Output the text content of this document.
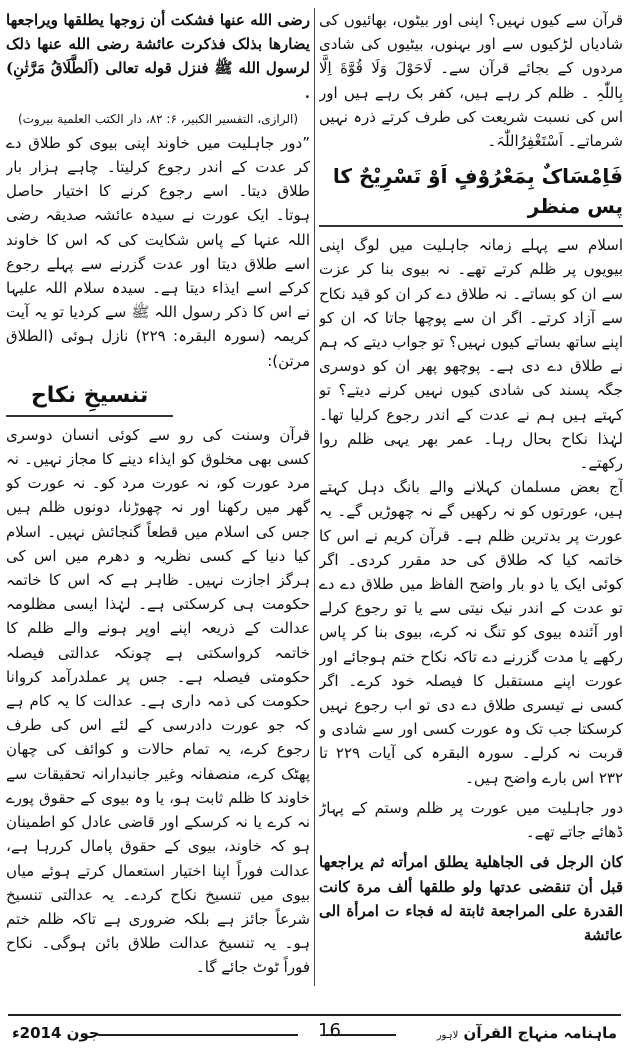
قرآن سے کیوں نہیں؟ اپنی اور بیٹوں، بھائیوں کی شادیاں لڑکیوں سے اور بہنوں، بیٹیوں کی شادی مردوں کے بجائے قرآن سے۔ لَاحَوْلَ وَلَا قُوَّةَ اِلَّا بِاللّٰہِ ۔ ظلم کر رہے ہیں، کفر بک رہے ہیں اور اس کی نسبت شریعت کی طرف کرتے ذرہ نہیں شرماتے۔ اَسْتَغْفِرُاللّٰہَ۔

فَاِمْسَاکٌ بِمَعْرُوْفٍ اَوْ تَسْرِیْحٌ کا پس منظر

اسلام سے پہلے زمانہ جاہلیت میں لوگ اپنی بیویوں پر ظلم کرتے تھے۔ نہ بیوی بنا کر عزت سے ان کو بساتے۔ نہ طلاق دے کر ان کو قید نکاح سے آزاد کرتے۔ اگر ان سے پوچھا جاتا کہ ان کو اپنے ساتھ بساتے کیوں نہیں؟ تو جواب دیتے کہ ہم نے طلاق دے دی ہے۔ پوچھو پھر ان کو دوسری جگہ پسند کی شادی کیوں نہیں کرنے دیتے؟ تو کہتے ہیں ہم نے عدت کے اندر رجوع کرلیا تھا۔ لہٰذا نکاح بحال رہا۔ عمر بھر یہی ظلم روا رکھتے۔

آج بعض مسلمان کہلانے والے بانگ دہل کہتے ہیں، عورتوں کو نہ رکھیں گے نہ چھوڑیں گے۔ یہ عورت پر بدترین ظلم ہے۔ قرآن کریم نے اس کا خاتمہ کیا کہ طلاق کی حد مقرر کردی۔ اگر کوئی ایک یا دو بار واضح الفاظ میں طلاق دے دے تو عدت کے اندر نیک نیتی سے یا تو رجوع کرلے اور آئندہ بیوی کو تنگ نہ کرے، بیوی بنا کر پاس رکھے یا مدت گزرنے دے تاکہ نکاح ختم ہوجائے اور عورت اپنے مستقبل کا فیصلہ خود کرے۔ اگر کسی نے تیسری طلاق دے دی تو اب رجوع نہیں کرسکتا جب تک وہ عورت کسی اور سے شادی و قربت نہ کرلے۔ سورہ البقرہ کی آیات ۲۲۹ تا ۲۳۲ اس بارے واضح ہیں۔

دور جاہلیت میں عورت پر ظلم وستم کے پہاڑ ڈھائے جاتے تھے۔

کان الرجل فی الجاھلیة یطلق امرأته ثم یراجعھا قبل أن تنقضی عدتھا ولو طلقھا ألف مرة کانت القدرة علی المراجعة ثابتة له فجاء ت امرأة الی عائشة

رضی الله عنھا فشکت أن زوجھا یطلقھا ویراجعھا یضارھا بذلک فذکرت عائشة رضی الله عنھا ذلک لرسول الله ﷺ فنزل قوله تعالی (اَلطَّلَاقُ مَرَّتٰنِ) .

(الرازی، التفسیر الکبیر، ۶: ۸۲، دار الکتب العلمیة بیروت)

”دور جاہلیت میں خاوند اپنی بیوی کو طلاق دے کر عدت کے اندر رجوع کرلیتا۔ چاہے ہزار بار طلاق دیتا۔ اسے رجوع کرنے کا اختیار حاصل ہوتا۔ ایک عورت نے سیدہ عائشہ صدیقہ رضی اللہ عنہا کے پاس شکایت کی کہ اس کا خاوند اسے طلاق دیتا اور عدت گزرنے سے پہلے رجوع کرکے اسے ایذاء دیتا ہے۔ سیدہ سلام اللہ علیہا نے اس کا ذکر رسول اللہ ﷺ سے کردیا تو یہ آیت کریمہ (سورہ البقرہ: ۲۲۹) نازل ہوئی (الطلاق مرتن):

تنسیخِ نکاح

قرآن وسنت کی رو سے کوئی انسان دوسری کسی بھی مخلوق کو ایذاء دینے کا مجاز نہیں۔ نہ مرد عورت کو، نہ عورت مرد کو۔ نہ عورت کو گھر میں رکھنا اور نہ چھوڑنا، دونوں ظلم ہیں جس کی اسلام میں قطعاً گنجائش نہیں۔ اسلام کیا دنیا کے کسی نظریہ و دھرم میں اس کی ہرگز اجازت نہیں۔ ظاہر ہے کہ اس کا خاتمہ حکومت ہی کرسکتی ہے۔ لہٰذا ایسی مظلومہ عدالت کے ذریعہ اپنے اوپر ہونے والے ظلم کا خاتمہ کرواسکتی ہے چونکہ عدالتی فیصلہ حکومتی فیصلہ ہے۔ جس پر عملدرآمد کروانا حکومت کی ذمہ داری ہے۔ عدالت کا یہ کام ہے کہ جو عورت دادرسی کے لئے اس کی طرف رجوع کرے، یہ تمام حالات و کوائف کی چھان پھٹک کرے، منصفانہ وغیر جانبدارانہ تحقیقات سے خاوند کا ظلم ثابت ہو، یا وہ بیوی کے حقوق پورے نہ کرے یا نہ کرسکے اور قاضی عادل کو اطمینان ہو کہ خاوند، بیوی کے حقوق پامال کررہا ہے، عدالت فوراً اپنا اختیار استعمال کرتے ہوئے میاں بیوی میں تنسیخ نکاح کردے۔ یہ عدالتی تنسیخ شرعاً جائز ہے بلکہ ضروری ہے تاکہ ظلم ختم ہو۔ یہ تنسیخ عدالت طلاق بائن ہوگی۔ نکاح فوراً ٹوٹ جائے گا۔

ماہنامہ منہاج القرآن لاہور
16
جون 2014ء
